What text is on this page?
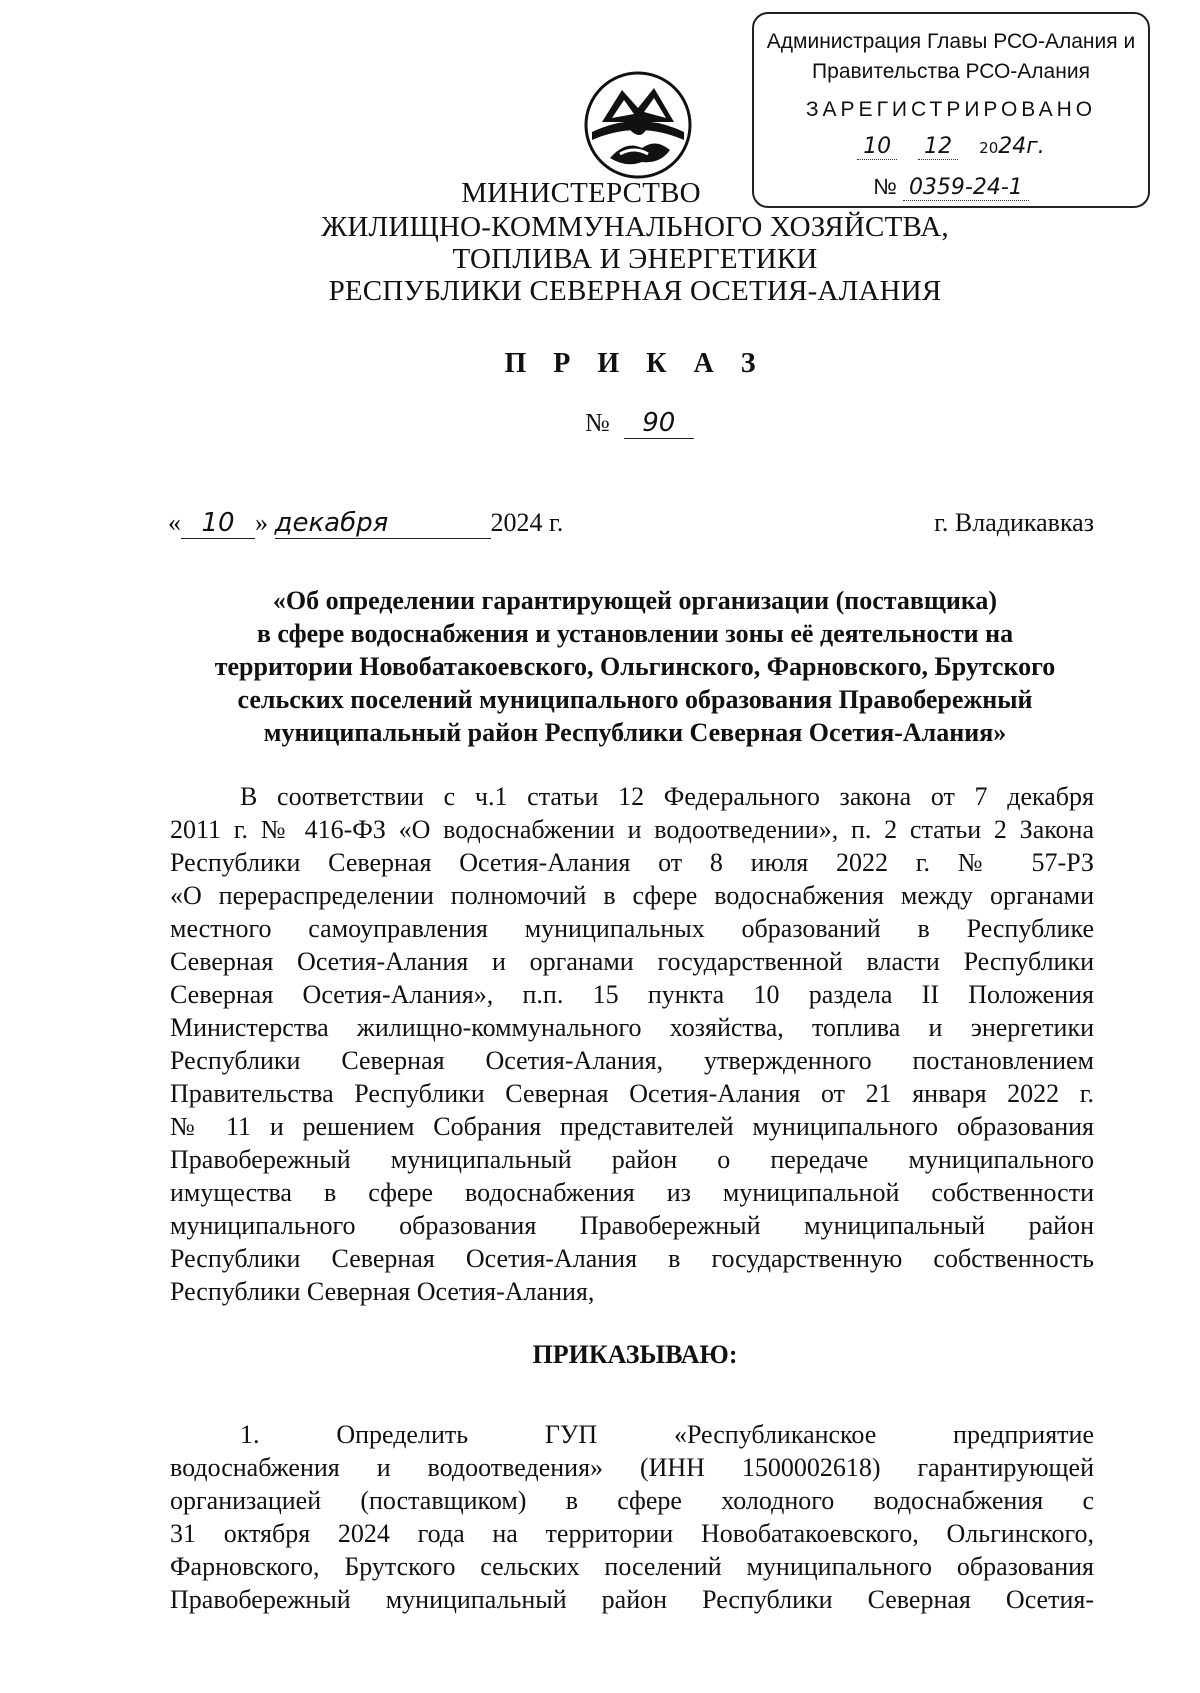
Администрация Главы РСО-Алания и
Правительства РСО-Алания
ЗАРЕГИСТРИРОВАНО
10 12 2024г.
№ 0359-24-1
МИНИСТЕРСТВО
ЖИЛИЩНО-КОММУНАЛЬНОГО ХОЗЯЙСТВА,
ТОПЛИВА И ЭНЕРГЕТИКИ
РЕСПУБЛИКИ СЕВЕРНАЯ ОСЕТИЯ-АЛАНИЯ
П Р И К А З
№ 90
« 10 » декабря	2024 г.	г. Владикавказ
«Об определении гарантирующей организации (поставщика)
в сфере водоснабжения и установлении зоны её деятельности на
территории Новобатакоевского, Ольгинского, Фарновского, Брутского
сельских поселений муниципального образования Правобережный
муниципальный район Республики Северная Осетия-Алания»
В соответствии с ч.1 статьи 12 Федерального закона от 7 декабря
2011 г. № 416-ФЗ «О водоснабжении и водоотведении», п. 2 статьи 2 Закона
Республики Северная Осетия-Алания от 8 июля 2022 г. № 57-РЗ
«О перераспределении полномочий в сфере водоснабжения между органами
местного самоуправления муниципальных образований в Республике
Северная Осетия-Алания и органами государственной власти Республики
Северная Осетия-Алания», п.п. 15 пункта 10 раздела II Положения
Министерства жилищно-коммунального хозяйства, топлива и энергетики
Республики Северная Осетия-Алания, утвержденного постановлением
Правительства Республики Северная Осетия-Алания от 21 января 2022 г.
№ 11 и решением Собрания представителей муниципального образования
Правобережный муниципальный район о передаче муниципального
имущества в сфере водоснабжения из муниципальной собственности
муниципального образования Правобережный муниципальный район
Республики Северная Осетия-Алания в государственную собственность
Республики Северная Осетия-Алания,
ПРИКАЗЫВАЮ:
1. Определить ГУП «Республиканское предприятие
водоснабжения и водоотведения» (ИНН 1500002618) гарантирующей
организацией (поставщиком) в сфере холодного водоснабжения с
31 октября 2024 года на территории Новобатакоевского, Ольгинского,
Фарновского, Брутского сельских поселений муниципального образования
Правобережный муниципальный район Республики Северная Осетия-
